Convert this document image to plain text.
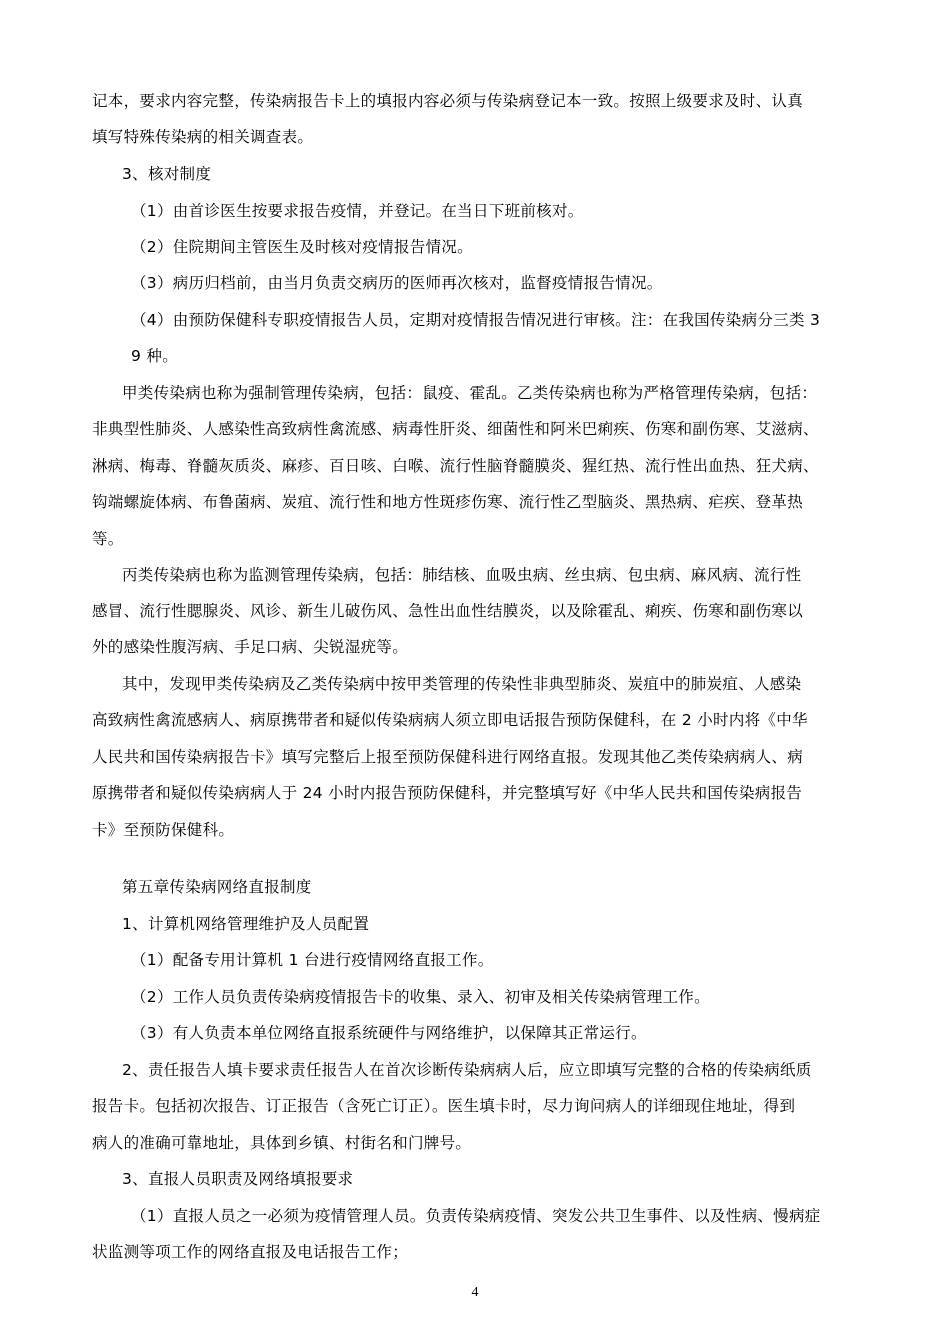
记本，要求内容完整，传染病报告卡上的填报内容必须与传染病登记本一致。按照上级要求及时、认真
填写特殊传染病的相关调查表。
3、核对制度
（1）由首诊医生按要求报告疫情，并登记。在当日下班前核对。
（2）住院期间主管医生及时核对疫情报告情况。
（3）病历归档前，由当月负责交病历的医师再次核对，监督疫情报告情况。
（4）由预防保健科专职疫情报告人员，定期对疫情报告情况进行审核。注：在我国传染病分三类 3
9 种。
甲类传染病也称为强制管理传染病，包括：鼠疫、霍乱。乙类传染病也称为严格管理传染病，包括：
非典型性肺炎、人感染性高致病性禽流感、病毒性肝炎、细菌性和阿米巴痢疾、伤寒和副伤寒、艾滋病、
淋病、梅毒、脊髓灰质炎、麻疹、百日咳、白喉、流行性脑脊髓膜炎、猩红热、流行性出血热、狂犬病、
钩端螺旋体病、布鲁菌病、炭疽、流行性和地方性斑疹伤寒、流行性乙型脑炎、黑热病、疟疾、登革热
等。
丙类传染病也称为监测管理传染病，包括：肺结核、血吸虫病、丝虫病、包虫病、麻风病、流行性
感冒、流行性腮腺炎、风诊、新生儿破伤风、急性出血性结膜炎，以及除霍乱、痢疾、伤寒和副伤寒以
外的感染性腹泻病、手足口病、尖锐湿疣等。
其中，发现甲类传染病及乙类传染病中按甲类管理的传染性非典型肺炎、炭疽中的肺炭疽、人感染
高致病性禽流感病人、病原携带者和疑似传染病病人须立即电话报告预防保健科，在 2 小时内将《中华
人民共和国传染病报告卡》填写完整后上报至预防保健科进行网络直报。发现其他乙类传染病病人、病
原携带者和疑似传染病病人于 24 小时内报告预防保健科，并完整填写好《中华人民共和国传染病报告
卡》至预防保健科。
第五章传染病网络直报制度
1、计算机网络管理维护及人员配置
（1）配备专用计算机 1 台进行疫情网络直报工作。
（2）工作人员负责传染病疫情报告卡的收集、录入、初审及相关传染病管理工作。
（3）有人负责本单位网络直报系统硬件与网络维护，以保障其正常运行。
2、责任报告人填卡要求责任报告人在首次诊断传染病病人后，应立即填写完整的合格的传染病纸质
报告卡。包括初次报告、订正报告（含死亡订正）。医生填卡时，尽力询问病人的详细现住地址，得到
病人的准确可靠地址，具体到乡镇、村街名和门牌号。
3、直报人员职责及网络填报要求
（1）直报人员之一必须为疫情管理人员。负责传染病疫情、突发公共卫生事件、以及性病、慢病症
状监测等项工作的网络直报及电话报告工作；
4
